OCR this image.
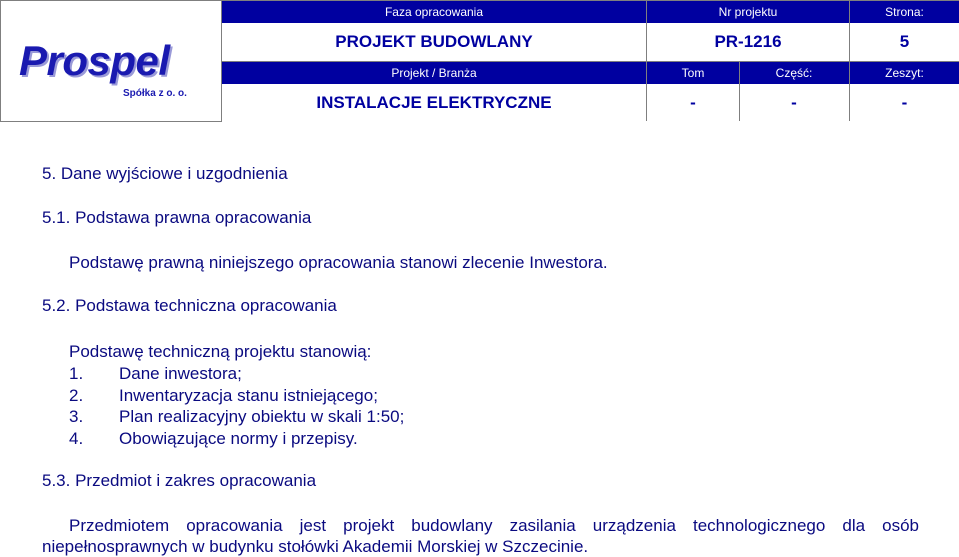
Prospel
Spółka z o. o.
Faza opracowania	Nr projektu	Strona:
PROJEKT BUDOWLANY	PR-1216	5
Projekt / Branża	Tom	Część:	Zeszyt:
INSTALACJE ELEKTRYCZNE	-	-	-
5. Dane wyjściowe i uzgodnienia
5.1. Podstawa prawna opracowania
Podstawę prawną niniejszego opracowania stanowi zlecenie Inwestora.
5.2. Podstawa techniczna opracowania
Podstawę techniczną projektu stanowią:
1. Dane inwestora;
2. Inwentaryzacja stanu istniejącego;
3. Plan realizacyjny obiektu w skali 1:50;
4. Obowiązujące normy i przepisy.
5.3. Przedmiot i zakres opracowania
Przedmiotem opracowania jest projekt budowlany zasilania urządzenia technologicznego dla osób
niepełnosprawnych w budynku stołówki Akademii Morskiej w Szczecinie.
